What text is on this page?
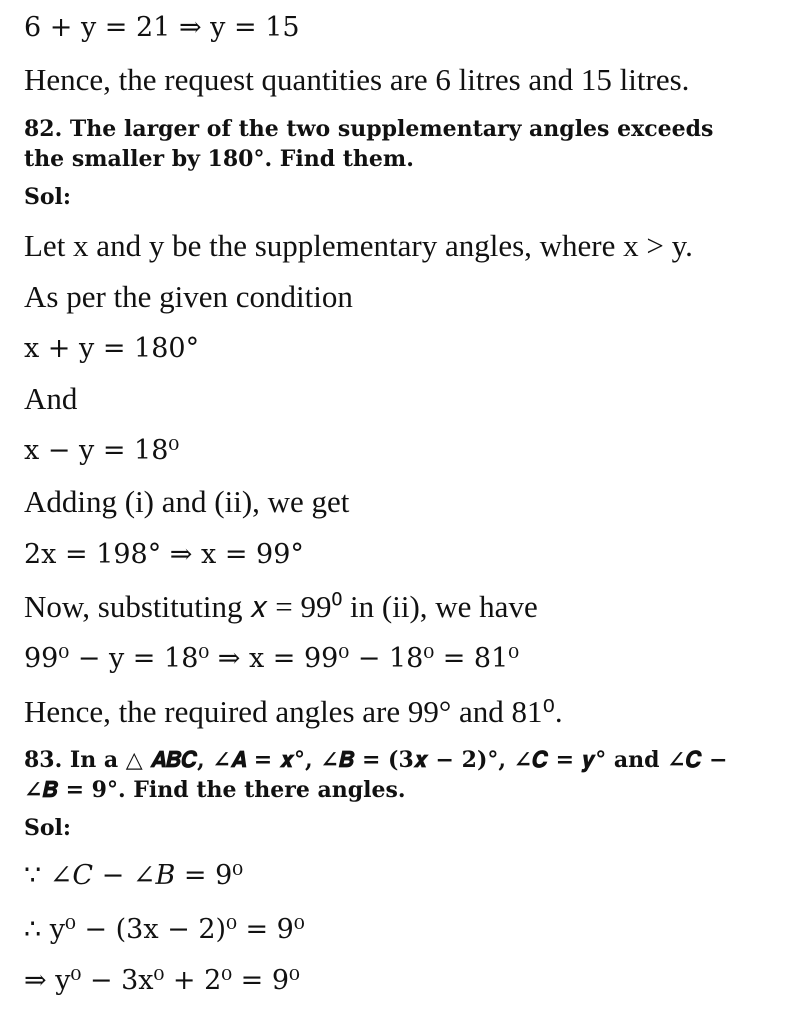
6 + y = 21 ⇒ y = 15
Hence, the request quantities are 6 litres and 15 litres.
82. The larger of the two supplementary angles exceeds
the smaller by 180°. Find them.
Sol:
Let x and y be the supplementary angles, where x > y.
As per the given condition
x + y = 180°
And
x − y = 18⁰
Adding (i) and (ii), we get
2x = 198° ⇒ x = 99°
Now, substituting 𝑥 = 99⁰ in (ii), we have
99⁰ − y = 18⁰ ⇒ x = 99⁰ − 18⁰ = 81⁰
Hence, the required angles are 99° and 81⁰.
83. In a △ 𝑨𝑩𝑪, ∠𝑨 = 𝒙°, ∠𝑩 = (𝟑𝒙 − 𝟐)°, ∠𝑪 = 𝒚° and ∠𝑪 −
∠𝑩 = 𝟗°. Find the there angles.
Sol:
∵ ∠𝐶 − ∠𝐵 = 9⁰
∴ y⁰ − (3x − 2)⁰ = 9⁰
⇒ y⁰ − 3x⁰ + 2⁰ = 9⁰
